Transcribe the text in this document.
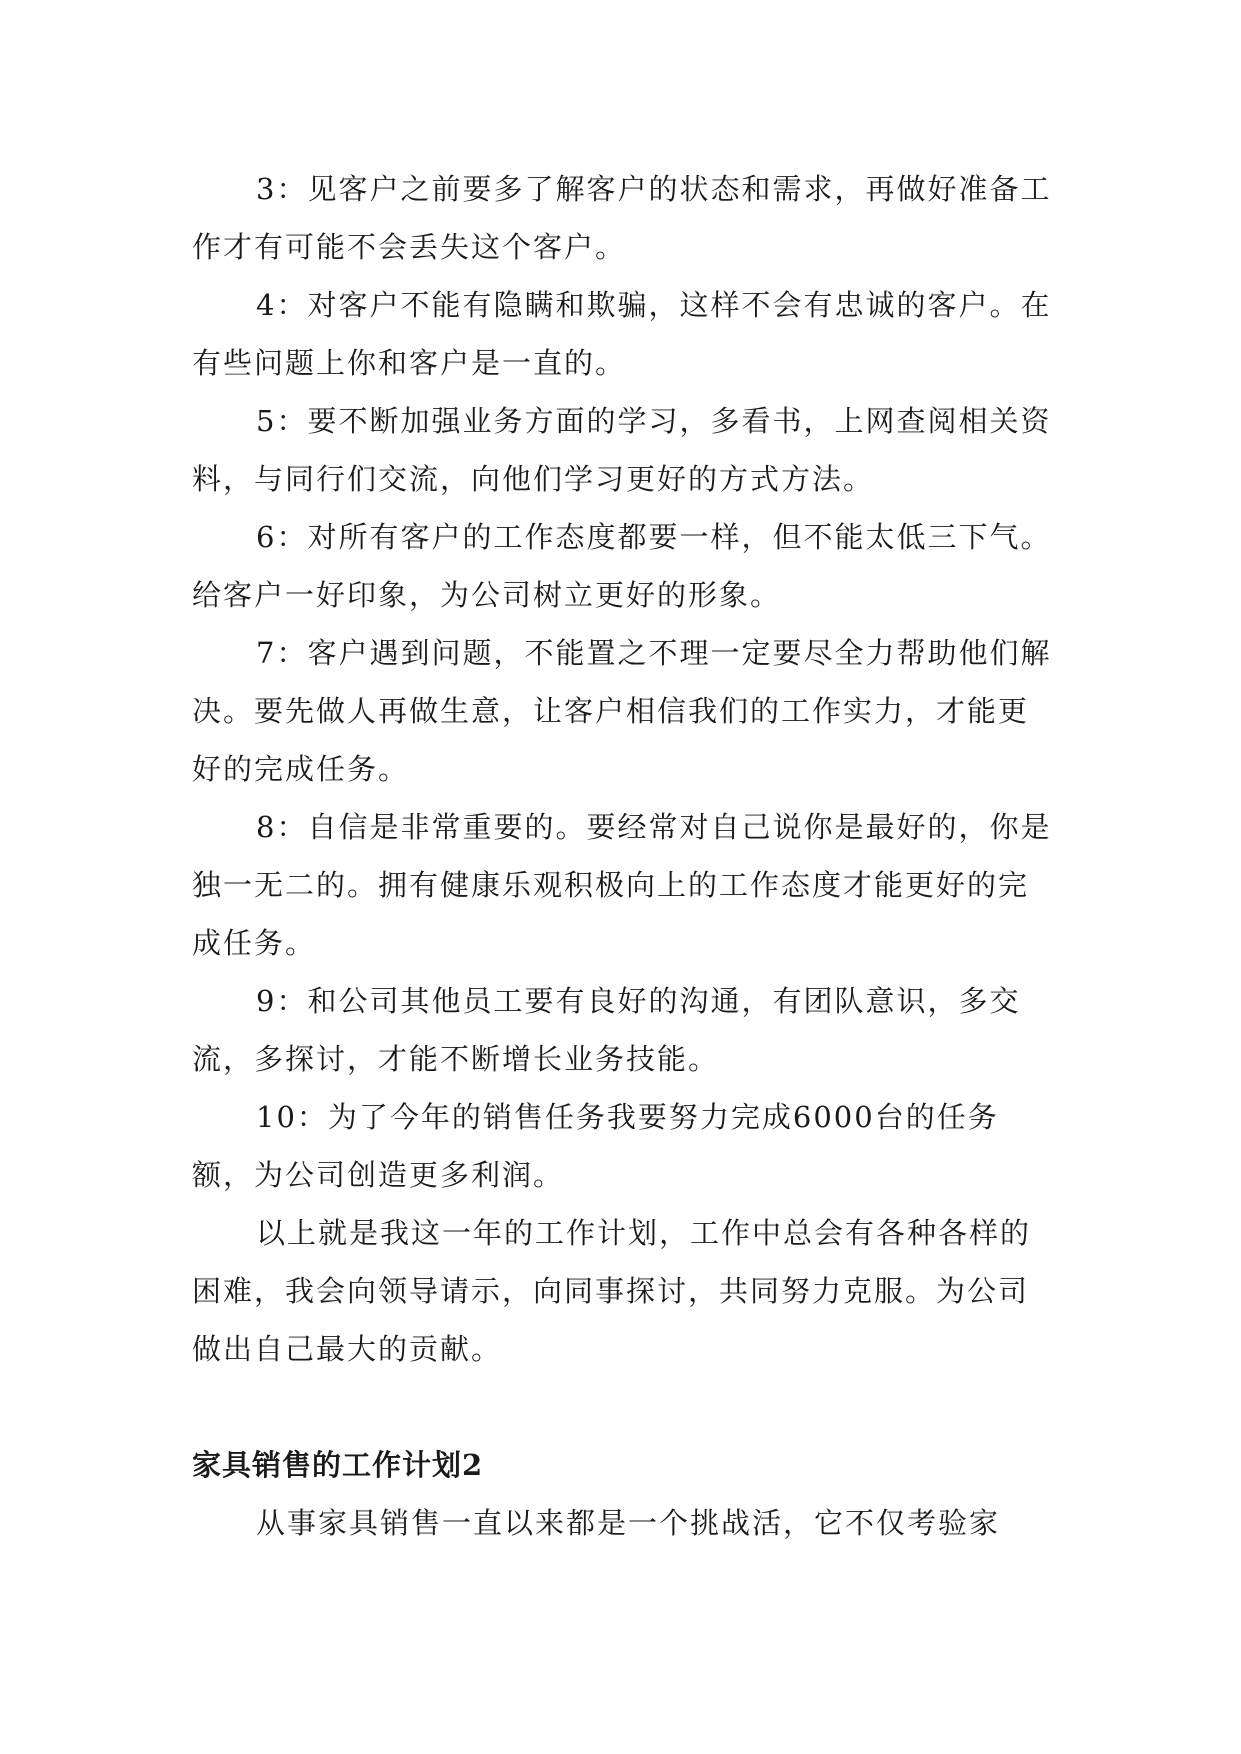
3：见客户之前要多了解客户的状态和需求，再做好准备工作才有可能不会丢失这个客户。

4：对客户不能有隐瞒和欺骗，这样不会有忠诚的客户。在有些问题上你和客户是一直的。

5：要不断加强业务方面的学习，多看书，上网查阅相关资料，与同行们交流，向他们学习更好的方式方法。

6：对所有客户的工作态度都要一样，但不能太低三下气。给客户一好印象，为公司树立更好的形象。

7：客户遇到问题，不能置之不理一定要尽全力帮助他们解决。要先做人再做生意，让客户相信我们的工作实力，才能更好的完成任务。

8：自信是非常重要的。要经常对自己说你是最好的，你是独一无二的。拥有健康乐观积极向上的工作态度才能更好的完成任务。

9：和公司其他员工要有良好的沟通，有团队意识，多交流，多探讨，才能不断增长业务技能。

10：为了今年的销售任务我要努力完成6000台的任务额，为公司创造更多利润。

以上就是我这一年的工作计划，工作中总会有各种各样的困难，我会向领导请示，向同事探讨，共同努力克服。为公司做出自己最大的贡献。

家具销售的工作计划2

从事家具销售一直以来都是一个挑战活，它不仅考验家
